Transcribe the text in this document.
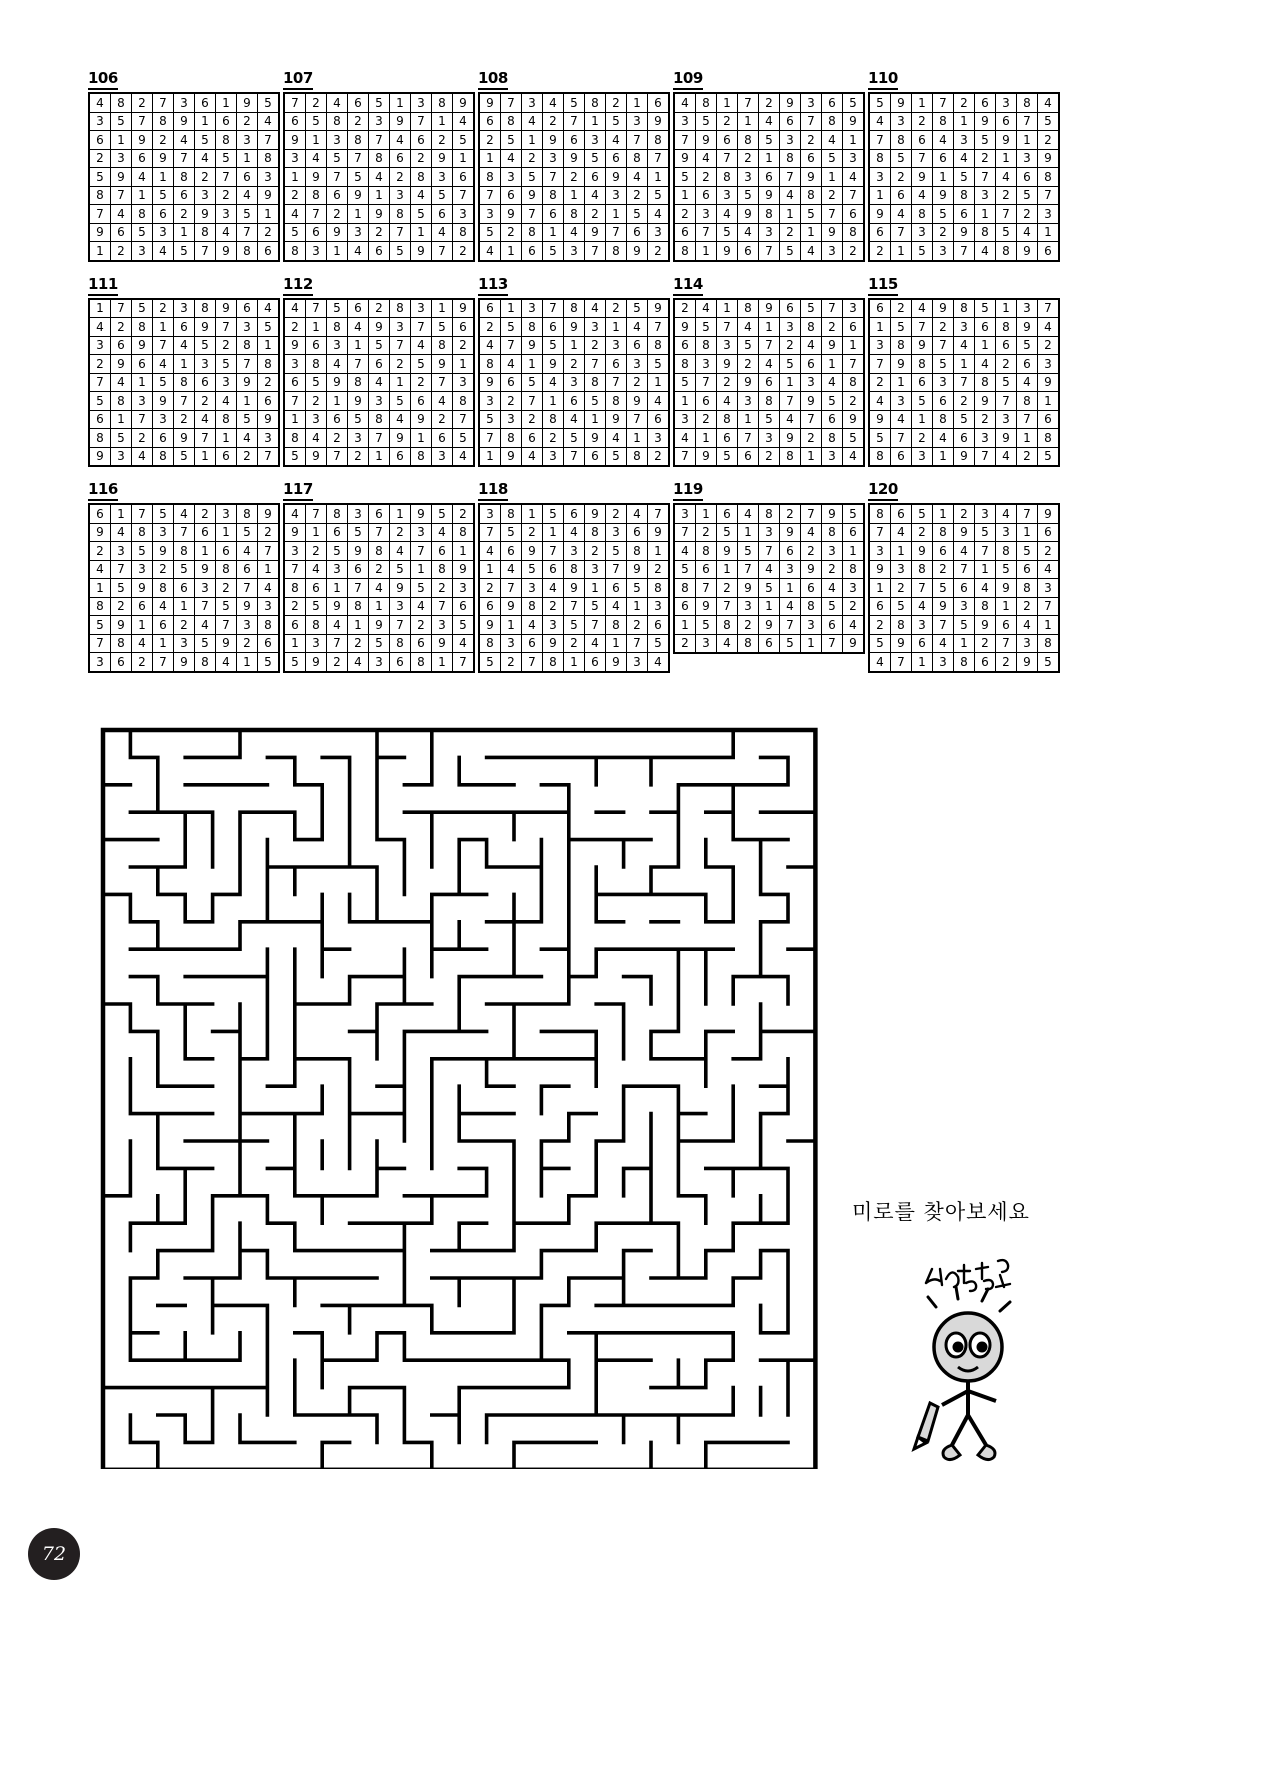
106
4	8	2	7	3	6	1	9	5
3	5	7	8	9	1	6	2	4
6	1	9	2	4	5	8	3	7
2	3	6	9	7	4	5	1	8
5	9	4	1	8	2	7	6	3
8	7	1	5	6	3	2	4	9
7	4	8	6	2	9	3	5	1
9	6	5	3	1	8	4	7	2
1	2	3	4	5	7	9	8	6
107
7	2	4	6	5	1	3	8	9
6	5	8	2	3	9	7	1	4
9	1	3	8	7	4	6	2	5
3	4	5	7	8	6	2	9	1
1	9	7	5	4	2	8	3	6
2	8	6	9	1	3	4	5	7
4	7	2	1	9	8	5	6	3
5	6	9	3	2	7	1	4	8
8	3	1	4	6	5	9	7	2
108
9	7	3	4	5	8	2	1	6
6	8	4	2	7	1	5	3	9
2	5	1	9	6	3	4	7	8
1	4	2	3	9	5	6	8	7
8	3	5	7	2	6	9	4	1
7	6	9	8	1	4	3	2	5
3	9	7	6	8	2	1	5	4
5	2	8	1	4	9	7	6	3
4	1	6	5	3	7	8	9	2
109
4	8	1	7	2	9	3	6	5
3	5	2	1	4	6	7	8	9
7	9	6	8	5	3	2	4	1
9	4	7	2	1	8	6	5	3
5	2	8	3	6	7	9	1	4
1	6	3	5	9	4	8	2	7
2	3	4	9	8	1	5	7	6
6	7	5	4	3	2	1	9	8
8	1	9	6	7	5	4	3	2
110
5	9	1	7	2	6	3	8	4
4	3	2	8	1	9	6	7	5
7	8	6	4	3	5	9	1	2
8	5	7	6	4	2	1	3	9
3	2	9	1	5	7	4	6	8
1	6	4	9	8	3	2	5	7
9	4	8	5	6	1	7	2	3
6	7	3	2	9	8	5	4	1
2	1	5	3	7	4	8	9	6
111
1	7	5	2	3	8	9	6	4
4	2	8	1	6	9	7	3	5
3	6	9	7	4	5	2	8	1
2	9	6	4	1	3	5	7	8
7	4	1	5	8	6	3	9	2
5	8	3	9	7	2	4	1	6
6	1	7	3	2	4	8	5	9
8	5	2	6	9	7	1	4	3
9	3	4	8	5	1	6	2	7
112
4	7	5	6	2	8	3	1	9
2	1	8	4	9	3	7	5	6
9	6	3	1	5	7	4	8	2
3	8	4	7	6	2	5	9	1
6	5	9	8	4	1	2	7	3
7	2	1	9	3	5	6	4	8
1	3	6	5	8	4	9	2	7
8	4	2	3	7	9	1	6	5
5	9	7	2	1	6	8	3	4
113
6	1	3	7	8	4	2	5	9
2	5	8	6	9	3	1	4	7
4	7	9	5	1	2	3	6	8
8	4	1	9	2	7	6	3	5
9	6	5	4	3	8	7	2	1
3	2	7	1	6	5	8	9	4
5	3	2	8	4	1	9	7	6
7	8	6	2	5	9	4	1	3
1	9	4	3	7	6	5	8	2
114
2	4	1	8	9	6	5	7	3
9	5	7	4	1	3	8	2	6
6	8	3	5	7	2	4	9	1
8	3	9	2	4	5	6	1	7
5	7	2	9	6	1	3	4	8
1	6	4	3	8	7	9	5	2
3	2	8	1	5	4	7	6	9
4	1	6	7	3	9	2	8	5
7	9	5	6	2	8	1	3	4
115
6	2	4	9	8	5	1	3	7
1	5	7	2	3	6	8	9	4
3	8	9	7	4	1	6	5	2
7	9	8	5	1	4	2	6	3
2	1	6	3	7	8	5	4	9
4	3	5	6	2	9	7	8	1
9	4	1	8	5	2	3	7	6
5	7	2	4	6	3	9	1	8
8	6	3	1	9	7	4	2	5
116
6	1	7	5	4	2	3	8	9
9	4	8	3	7	6	1	5	2
2	3	5	9	8	1	6	4	7
4	7	3	2	5	9	8	6	1
1	5	9	8	6	3	2	7	4
8	2	6	4	1	7	5	9	3
5	9	1	6	2	4	7	3	8
7	8	4	1	3	5	9	2	6
3	6	2	7	9	8	4	1	5
117
4	7	8	3	6	1	9	5	2
9	1	6	5	7	2	3	4	8
3	2	5	9	8	4	7	6	1
7	4	3	6	2	5	1	8	9
8	6	1	7	4	9	5	2	3
2	5	9	8	1	3	4	7	6
6	8	4	1	9	7	2	3	5
1	3	7	2	5	8	6	9	4
5	9	2	4	3	6	8	1	7
118
3	8	1	5	6	9	2	4	7
7	5	2	1	4	8	3	6	9
4	6	9	7	3	2	5	8	1
1	4	5	6	8	3	7	9	2
2	7	3	4	9	1	6	5	8
6	9	8	2	7	5	4	1	3
9	1	4	3	5	7	8	2	6
8	3	6	9	2	4	1	7	5
5	2	7	8	1	6	9	3	4
119
3	1	6	4	8	2	7	9	5
7	2	5	1	3	9	4	8	6
4	8	9	5	7	6	2	3	1
5	6	1	7	4	3	9	2	8
8	7	2	9	5	1	6	4	3
6	9	7	3	1	4	8	5	2
1	5	8	2	9	7	3	6	4
2	3	4	8	6	5	1	7	9
120
8	6	5	1	2	3	4	7	9
7	4	2	8	9	5	3	1	6
3	1	9	6	4	7	8	5	2
9	3	8	2	7	1	5	6	4
1	2	7	5	6	4	9	8	3
6	5	4	9	3	8	1	2	7
2	8	3	7	5	9	6	4	1
5	9	6	4	1	2	7	3	8
4	7	1	3	8	6	2	9	5
미로를 찾아보세요
72
